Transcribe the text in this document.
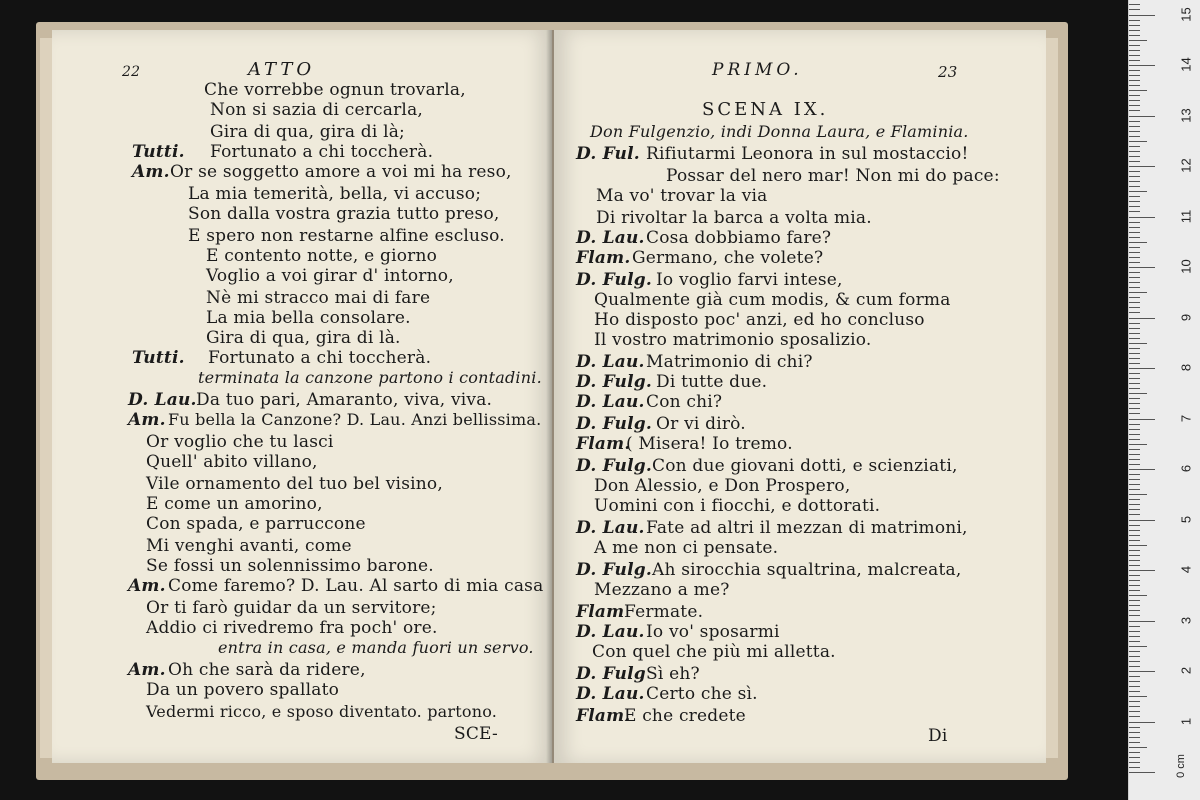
22	ATTO
Che vorrebbe ognun trovarla,
Non si sazia di cercarla,
Gira di qua, gira di là;
Tutti. Fortunato a chi toccherà.
Am. Or se soggetto amore a voi mi ha reso,
La mia temerità, bella, vi accuso;
Son dalla vostra grazia tutto preso,
E spero non restarne alfine escluso.
E contento notte, e giorno
Voglio a voi girar d' intorno,
Nè mi stracco mai di fare
La mia bella consolare.
Gira di qua, gira di là.
Tutti. Fortunato a chi toccherà.
terminata la canzone partono i contadini.
D. Lau. Da tuo pari, Amaranto, viva, viva.
Am. Fu bella la Canzone? D. Lau. Anzi bellissima.
Or voglio che tu lasci
Quell' abito villano,
Vile ornamento del tuo bel visino,
E come un amorino,
Con spada, e parruccone
Mi venghi avanti, come
Se fossi un solennissimo barone.
Am. Come faremo? D. Lau. Al sarto di mia casa
Or ti farò guidar da un servitore;
Addio ci rivedremo fra poch' ore.
entra in casa, e manda fuori un servo.
Am. Oh che sarà da ridere,
Da un povero spallato
Vedermi ricco, e sposo diventato. partono.
SCE-
PRIMO.	23
SCENA IX.
Don Fulgenzio, indi Donna Laura, e Flaminia.
D. Ful. Rifiutarmi Leonora in sul mostaccio!
Possar del nero mar! Non mi do pace:
Ma vo' trovar la via
Di rivoltar la barca a volta mia.
D. Lau. Cosa dobbiamo fare?
Flam. Germano, che volete?
D. Fulg. Io voglio farvi intese,
Qualmente già cum modis, & cum forma
Ho disposto poc' anzi, ed ho concluso
Il vostro matrimonio sposalizio.
D. Lau. Matrimonio di chi?
D. Fulg. Di tutte due.
D. Lau. Con chi?
D. Fulg. Or vi dirò.
Flam.
( Misera! Io tremo.
D. Fulg. Con due giovani dotti, e scienziati,
Don Alessio, e Don Prospero,
Uomini con i fiocchi, e dottorati.
D. Lau. Fate ad altri il mezzan di matrimoni,
A me non ci pensate.
D. Fulg. Ah sirocchia squaltrina, malcreata,
Mezzano a me?
Flam Fermate.
D. Lau. Io vo' sposarmi
Con quel che più mi alletta.
D. Fulg Sì eh?
D. Lau. Certo che sì.
Flam.
E che credete
Di
0 cm
1
2
3
4
5
6
7
8
9
10
11
12
13
14
15
